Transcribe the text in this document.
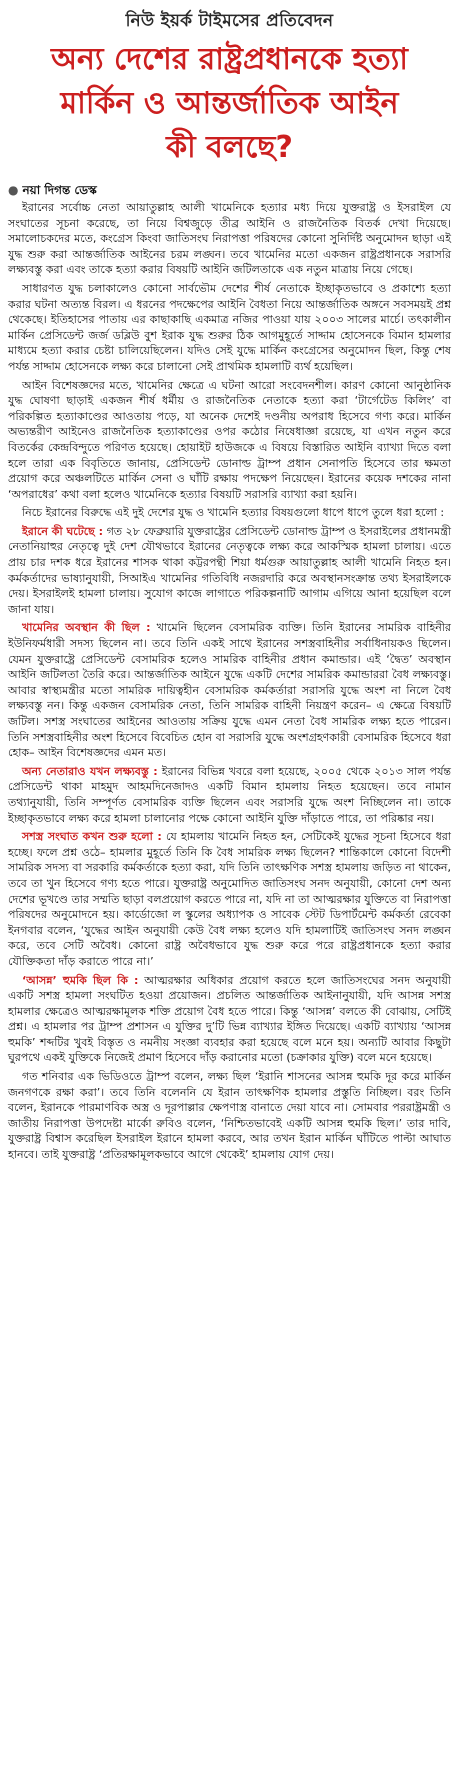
নিউ ইয়র্ক টাইমসের প্রতিবেদন
অন্য দেশের রাষ্ট্রপ্রধানকে হত্যা
মার্কিন ও আন্তর্জাতিক আইন
কী বলছে?
● নয়া দিগন্ত ডেস্ক

ইরানের সর্বোচ্চ নেতা আয়াতুল্লাহ আলী খামেনিকে হত্যার মধ্য দিয়ে যুক্তরাষ্ট্র ও ইসরাইল যে সংঘাতের সূচনা করেছে, তা নিয়ে বিশ্বজুড়ে তীব্র আইনি ও রাজনৈতিক বিতর্ক দেখা দিয়েছে। সমালোচকদের মতে, কংগ্রেস কিংবা জাতিসংঘ নিরাপত্তা পরিষদের কোনো সুনির্দিষ্ট অনুমোদন ছাড়া এই যুদ্ধ শুরু করা আন্তর্জাতিক আইনের চরম লঙ্ঘন। তবে খামেনির মতো একজন রাষ্ট্রপ্রধানকে সরাসরি লক্ষ্যবস্তু করা এবং তাকে হত্যা করার বিষয়টি আইনি জটিলতাকে এক নতুন মাত্রায় নিয়ে গেছে।

সাধারণত যুদ্ধ চলাকালেও কোনো সার্বভৌম দেশের শীর্ষ নেতাকে ইচ্ছাকৃতভাবে ও প্রকাশ্যে হত্যা করার ঘটনা অত্যন্ত বিরল। এ ধরনের পদক্ষেপের আইনি বৈধতা নিয়ে আন্তর্জাতিক অঙ্গনে সবসময়ই প্রশ্ন থেকেছে। ইতিহাসের পাতায় এর কাছাকাছি একমাত্র নজির পাওয়া যায় ২০০৩ সালের মার্চে। তৎকালীন মার্কিন প্রেসিডেন্ট জর্জ ডব্লিউ বুশ ইরাক যুদ্ধ শুরুর ঠিক আগমুহূর্তে সাদ্দাম হোসেনকে বিমান হামলার মাধ্যমে হত্যা করার চেষ্টা চালিয়েছিলেন। যদিও সেই যুদ্ধে মার্কিন কংগ্রেসের অনুমোদন ছিল, কিন্তু শেষ পর্যন্ত সাদ্দাম হোসেনকে লক্ষ্য করে চালানো সেই প্রাথমিক হামলাটি ব্যর্থ হয়েছিল।

আইন বিশেষজ্ঞদের মতে, খামেনির ক্ষেত্রে এ ঘটনা আরো সংবেদনশীল। কারণ কোনো আনুষ্ঠানিক যুদ্ধ ঘোষণা ছাড়াই একজন শীর্ষ ধর্মীয় ও রাজনৈতিক নেতাকে হত্যা করা ‘টার্গেটেড কিলিং’ বা পরিকল্পিত হত্যাকাণ্ডের আওতায় পড়ে, যা অনেক দেশেই দণ্ডনীয় অপরাধ হিসেবে গণ্য করে। মার্কিন অভ্যন্তরীণ আইনেও রাজনৈতিক হত্যাকাণ্ডের ওপর কঠোর নিষেধাজ্ঞা রয়েছে, যা এখন নতুন করে বিতর্কের কেন্দ্রবিন্দুতে পরিণত হয়েছে। হোয়াইট হাউজকে এ বিষয়ে বিস্তারিত আইনি ব্যাখ্যা দিতে বলা হলে তারা এক বিবৃতিতে জানায়, প্রেসিডেন্ট ডোনাল্ড ট্রাম্প প্রধান সেনাপতি হিসেবে তার ক্ষমতা প্রয়োগ করে অঞ্চলটিতে মার্কিন সেনা ও ঘাঁটি রক্ষায় পদক্ষেপ নিয়েছেন। ইরানের কয়েক দশকের নানা ‘অপরাধের’ কথা বলা হলেও খামেনিকে হত্যার বিষয়টি সরাসরি ব্যাখ্যা করা হয়নি।

নিচে ইরানের বিরুদ্ধে এই দুই দেশের যুদ্ধ ও খামেনি হত্যার বিষয়গুলো ধাপে ধাপে তুলে ধরা হলো :

ইরানে কী ঘটেছে : গত ২৮ ফেব্রুয়ারি যুক্তরাষ্ট্রের প্রেসিডেন্ট ডোনাল্ড ট্রাম্প ও ইসরাইলের প্রধানমন্ত্রী নেতানিয়াহুর নেতৃত্বে দুই দেশ যৌথভাবে ইরানের নেতৃত্বকে লক্ষ্য করে আকস্মিক হামলা চালায়। এতে প্রায় চার দশক ধরে ইরানের শাসক থাকা কট্টরপন্থী শিয়া ধর্মগুরু আয়াতুল্লাহ আলী খামেনি নিহত হন। কর্মকর্তাদের ভাষ্যানুযায়ী, সিআইএ খামেনির গতিবিধি নজরদারি করে অবস্থানসংক্রান্ত তথ্য ইসরাইলকে দেয়। ইসরাইলই হামলা চালায়। সুযোগ কাজে লাগাতে পরিকল্পনাটি আগাম এগিয়ে আনা হয়েছিল বলে জানা যায়।

খামেনির অবস্থান কী ছিল : খামেনি ছিলেন বেসামরিক ব্যক্তি। তিনি ইরানের সামরিক বাহিনীর ইউনিফর্মধারী সদস্য ছিলেন না। তবে তিনি একই সাথে ইরানের সশস্ত্রবাহিনীর সর্বাধিনায়কও ছিলেন। যেমন যুক্তরাষ্ট্রে প্রেসিডেন্ট বেসামরিক হলেও সামরিক বাহিনীর প্রধান কমান্ডার। এই ‘দ্বৈত’ অবস্থান আইনি জটিলতা তৈরি করে। আন্তর্জাতিক আইনে যুদ্ধে একটি দেশের সামরিক কমান্ডাররা বৈধ লক্ষ্যবস্তু। আবার স্বাস্থ্যমন্ত্রীর মতো সামরিক দায়িত্বহীন বেসামরিক কর্মকর্তারা সরাসরি যুদ্ধে অংশ না নিলে বৈধ লক্ষ্যবস্তু নন। কিন্তু একজন বেসামরিক নেতা, তিনি সামরিক বাহিনী নিয়ন্ত্রণ করেন– এ ক্ষেত্রে বিষয়টি জটিল। সশস্ত্র সংঘাতের আইনের আওতায় সক্রিয় যুদ্ধে এমন নেতা বৈধ সামরিক লক্ষ্য হতে পারেন। তিনি সশস্ত্রবাহিনীর অংশ হিসেবে বিবেচিত হোন বা সরাসরি যুদ্ধে অংশগ্রহণকারী বেসামরিক হিসেবে ধরা হোক– আইন বিশেষজ্ঞদের এমন মত।

অন্য নেতারাও যখন লক্ষ্যবস্তু : ইরানের বিভিন্ন খবরে বলা হয়েছে, ২০০৫ থেকে ২০১৩ সাল পর্যন্ত প্রেসিডেন্ট থাকা মাহমুদ আহমদিনেজাদও একটি বিমান হামলায় নিহত হয়েছেন। তবে নামান তথ্যানুযায়ী, তিনি সম্পূর্ণত বেসামরিক ব্যক্তি ছিলেন এবং সরাসরি যুদ্ধে অংশ নিচ্ছিলেন না। তাকে ইচ্ছাকৃতভাবে লক্ষ্য করে হামলা চালানোর পক্ষে কোনো আইনি যুক্তি দাঁড়াতে পারে, তা পরিষ্কার নয়।

সশস্ত্র সংঘাত কখন শুরু হলো : যে হামলায় খামেনি নিহত হন, সেটিকেই যুদ্ধের সূচনা হিসেবে ধরা হচ্ছে। ফলে প্রশ্ন ওঠে– হামলার মুহূর্তে তিনি কি বৈধ সামরিক লক্ষ্য ছিলেন? শান্তিকালে কোনো বিদেশী সামরিক সদস্য বা সরকারি কর্মকর্তাকে হত্যা করা, যদি তিনি তাৎক্ষণিক সশস্ত্র হামলায় জড়িত না থাকেন, তবে তা খুন হিসেবে গণ্য হতে পারে। যুক্তরাষ্ট্র অনুমোদিত জাতিসংঘ সনদ অনুযায়ী, কোনো দেশ অন্য দেশের ভূখণ্ডে তার সম্মতি ছাড়া বলপ্রয়োগ করতে পারে না, যদি না তা আত্মরক্ষার যুক্তিতে বা নিরাপত্তা পরিষদের অনুমোদনে হয়। কার্ডোজো ল স্কুলের অধ্যাপক ও সাবেক স্টেট ডিপার্টমেন্ট কর্মকর্তা রেবেকা ইনগবার বলেন, ‘যুদ্ধের আইন অনুযায়ী কেউ বৈধ লক্ষ্য হলেও যদি হামলাটিই জাতিসংঘ সনদ লঙ্ঘন করে, তবে সেটি অবৈধ। কোনো রাষ্ট্র অবৈধভাবে যুদ্ধ শুরু করে পরে রাষ্ট্রপ্রধানকে হত্যা করার যৌক্তিকতা দাঁড় করাতে পারে না।’

‘আসন্ন’ হুমকি ছিল কি : আত্মরক্ষার অধিকার প্রয়োগ করতে হলে জাতিসংঘের সনদ অনুযায়ী একটি সশস্ত্র হামলা সংঘটিত হওয়া প্রয়োজন। প্রচলিত আন্তর্জাতিক আইনানুযায়ী, যদি আসন্ন সশস্ত্র হামলার ক্ষেত্রেও আত্মরক্ষামূলক শক্তি প্রয়োগ বৈধ হতে পারে। কিন্তু ‘আসন্ন’ বলতে কী বোঝায়, সেটিই প্রশ্ন। এ হামলার পর ট্রাম্প প্রশাসন এ যুক্তির দু’টি ভিন্ন ব্যাখ্যার ইঙ্গিত দিয়েছে। একটি ব্যাখ্যায় ‘আসন্ন হুমকি’ শব্দটির খুবই বিস্তৃত ও নমনীয় সংজ্ঞা ব্যবহার করা হয়েছে বলে মনে হয়। অন্যটি আবার কিছুটা ঘুরপথে একই যুক্তিকে নিজেই প্রমাণ হিসেবে দাঁড় করানোর মতো (চক্রাকার যুক্তি) বলে মনে হয়েছে।

গত শনিবার এক ভিডিওতে ট্রাম্প বলেন, লক্ষ্য ছিল ‘ইরানি শাসনের আসন্ন হুমকি দূর করে মার্কিন জনগণকে রক্ষা করা’। তবে তিনি বলেননি যে ইরান তাৎক্ষণিক হামলার প্রস্তুতি নিচ্ছিল। বরং তিনি বলেন, ইরানকে পারমাণবিক অস্ত্র ও দূরপাল্লার ক্ষেপণাস্ত্র বানাতে দেয়া যাবে না। সোমবার পররাষ্ট্রমন্ত্রী ও জাতীয় নিরাপত্তা উপদেষ্টা মার্কো রুবিও বলেন, ‘নিশ্চিতভাবেই একটি আসন্ন হুমকি ছিল।’ তার দাবি, যুক্তরাষ্ট্র বিশ্বাস করেছিল ইসরাইল ইরানে হামলা করবে, আর তখন ইরান মার্কিন ঘাঁটিতে পাল্টা আঘাত হানবে। তাই যুক্তরাষ্ট্র ‘প্রতিরক্ষামূলকভাবে আগে থেকেই’ হামলায় যোগ দেয়।
